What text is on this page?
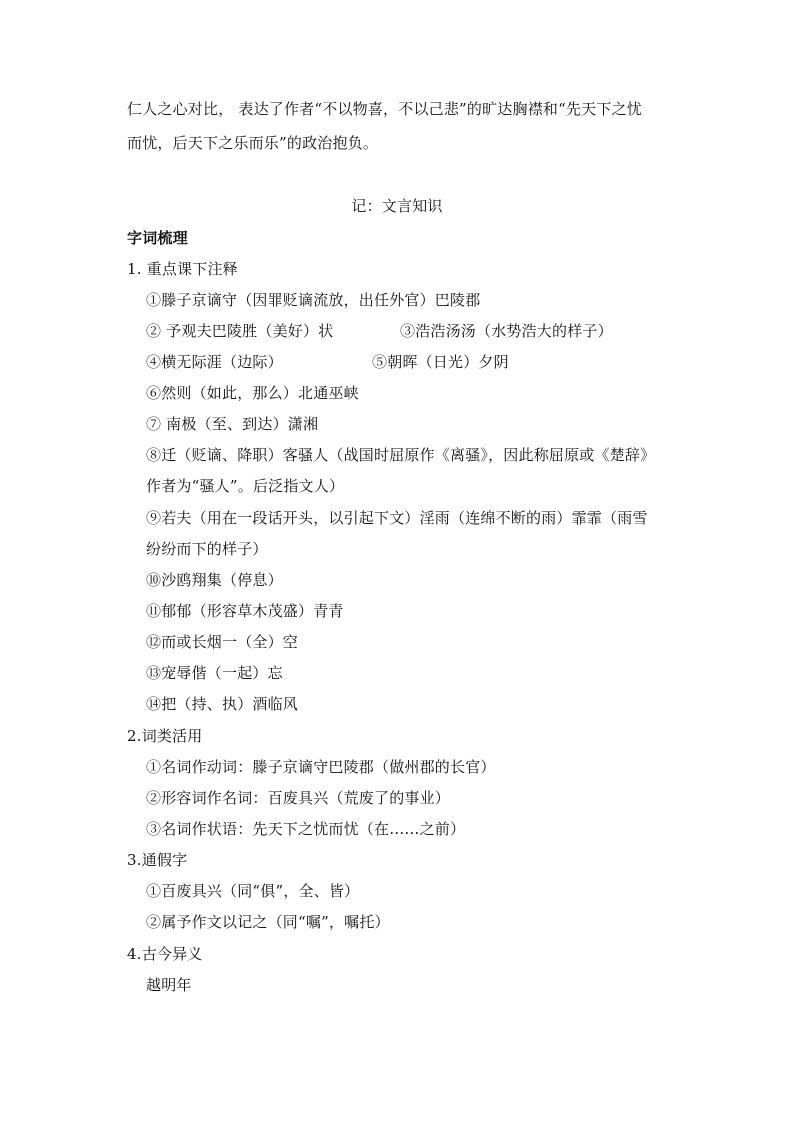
仁人之心对比， 表达了作者“不以物喜，不以己悲”的旷达胸襟和“先天下之忧
而忧，后天下之乐而乐”的政治抱负。
记：文言知识
字词梳理
1. 重点课下注释
①滕子京谪守（因罪贬谪流放，出任外官）巴陵郡
② 予观夫巴陵胜（美好）状	③浩浩汤汤（水势浩大的样子）
④横无际涯（边际）	⑤朝晖（日光）夕阴
⑥然则（如此，那么）北通巫峡
⑦ 南极（至、到达）潇湘
⑧迁（贬谪、降职）客骚人（战国时屈原作《离骚》，因此称屈原或《楚辞》
作者为“骚人”。后泛指文人）
⑨若夫（用在一段话开头，以引起下文）淫雨（连绵不断的雨）霏霏（雨雪
纷纷而下的样子）
⑩沙鸥翔集（停息）
⑪郁郁（形容草木茂盛）青青
⑫而或长烟一（全）空
⑬宠辱偕（一起）忘
⑭把（持、执）酒临风
2.词类活用
①名词作动词：滕子京谪守巴陵郡（做州郡的长官）
②形容词作名词：百废具兴（荒废了的事业）
③名词作状语：先天下之忧而忧（在……之前）
3.通假字
①百废具兴（同“俱”，全、皆）
②属予作文以记之（同“嘱”，嘱托）
4.古今异义
越明年
